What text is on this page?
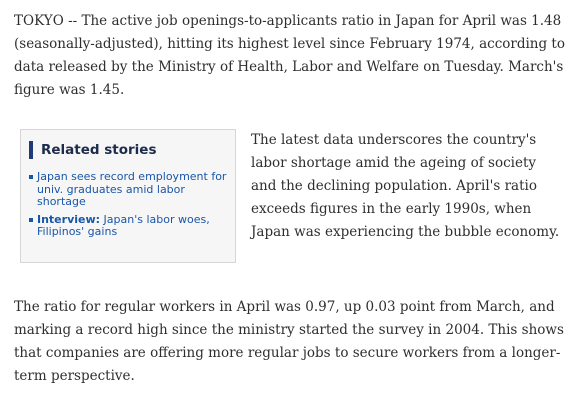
TOKYO -- The active job openings-to-applicants ratio in Japan for April was 1.48 (seasonally-adjusted), hitting its highest level since February 1974, according to data released by the Ministry of Health, Labor and Welfare on Tuesday. March's figure was 1.45.

Related stories
Japan sees record employment for univ. graduates amid labor shortage
Interview: Japan's labor woes, Filipinos' gains

The latest data underscores the country's labor shortage amid the ageing of society and the declining population. April's ratio exceeds figures in the early 1990s, when Japan was experiencing the bubble economy.

The ratio for regular workers in April was 0.97, up 0.03 point from March, and marking a record high since the ministry started the survey in 2004. This shows that companies are offering more regular jobs to secure workers from a longer-term perspective.
